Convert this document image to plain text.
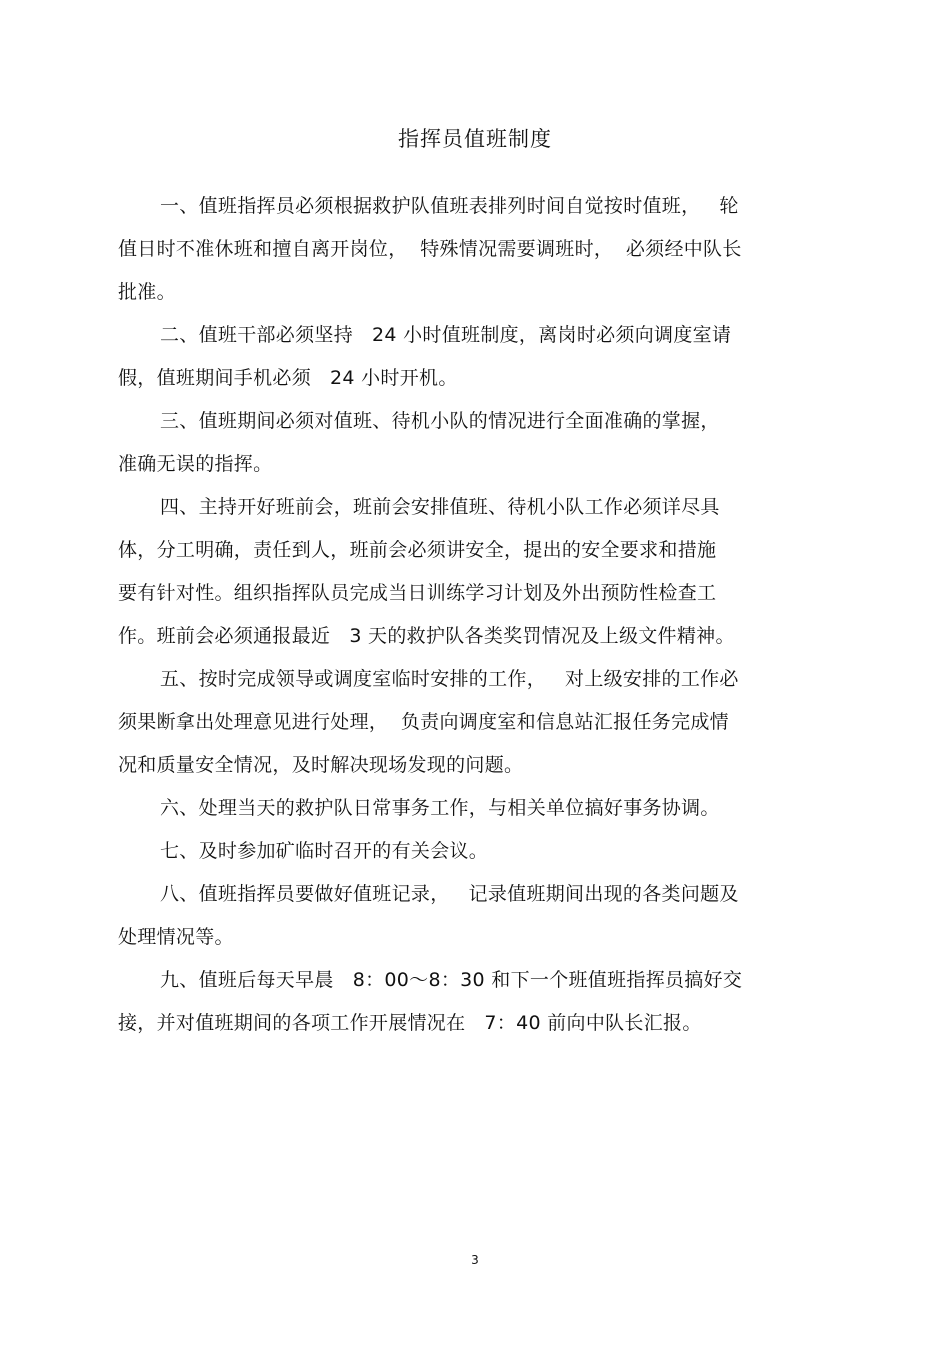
指挥员值班制度
一、值班指挥员必须根据救护队值班表排列时间自觉按时值班，   轮
值日时不准休班和擅自离开岗位，  特殊情况需要调班时，  必须经中队长
批准。
二、值班干部必须坚持   24 小时值班制度，离岗时必须向调度室请
假，值班期间手机必须   24 小时开机。
三、值班期间必须对值班、待机小队的情况进行全面准确的掌握，
准确无误的指挥。
四、主持开好班前会，班前会安排值班、待机小队工作必须详尽具
体，分工明确，责任到人，班前会必须讲安全，提出的安全要求和措施
要有针对性。组织指挥队员完成当日训练学习计划及外出预防性检查工
作。班前会必须通报最近   3 天的救护队各类奖罚情况及上级文件精神。
五、按时完成领导或调度室临时安排的工作，   对上级安排的工作必
须果断拿出处理意见进行处理，  负责向调度室和信息站汇报任务完成情
况和质量安全情况，及时解决现场发现的问题。
六、处理当天的救护队日常事务工作，与相关单位搞好事务协调。
七、及时参加矿临时召开的有关会议。
八、值班指挥员要做好值班记录，   记录值班期间出现的各类问题及
处理情况等。
九、值班后每天早晨   8：00～8：30 和下一个班值班指挥员搞好交
接，并对值班期间的各项工作开展情况在   7：40 前向中队长汇报。
3
